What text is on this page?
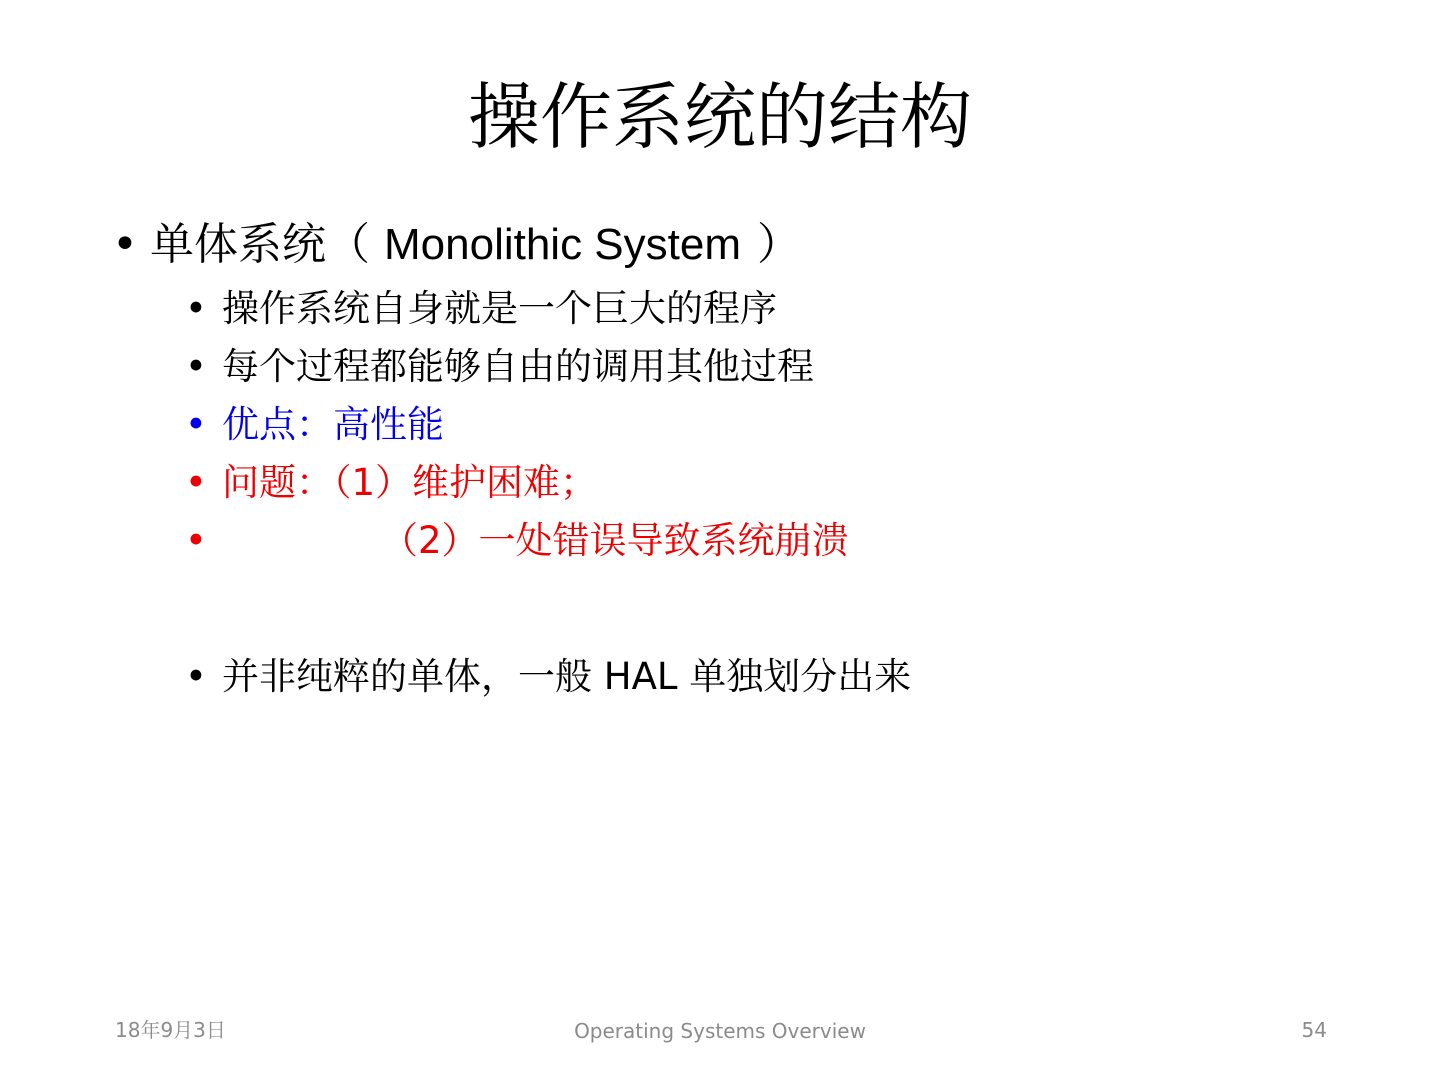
操作系统的结构
• 单体系统（ Monolithic System ）
• 操作系统自身就是一个巨大的程序
• 每个过程都能够自由的调用其他过程
• 优点：高性能
• 问题：（1）维护困难；
•	（2）一处错误导致系统崩溃
• 并非纯粹的单体，一般 HAL 单独划分出来
18年9月3日	Operating Systems Overview	54
